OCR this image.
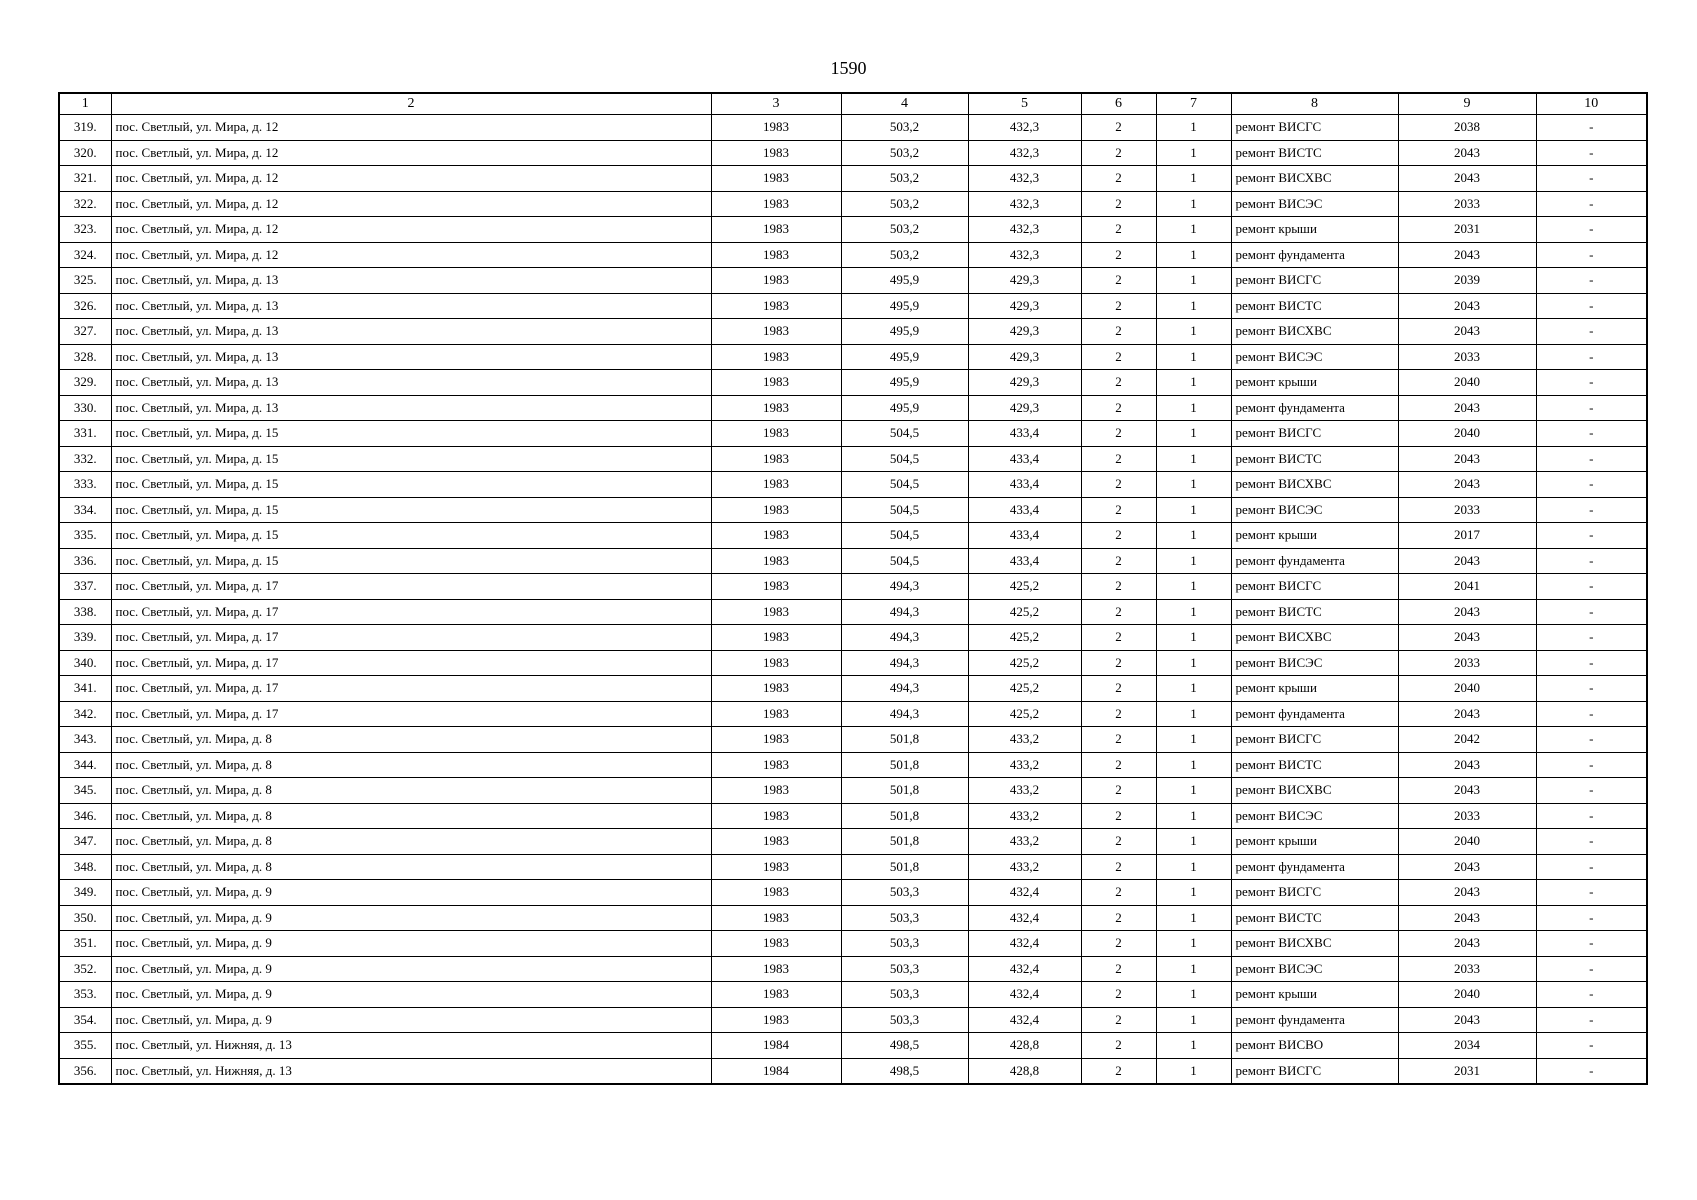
1590
1	2	3	4	5	6	7	8	9	10
319.	пос. Светлый, ул. Мира, д. 12	1983	503,2	432,3	2	1	ремонт ВИСГС	2038	-
320.	пос. Светлый, ул. Мира, д. 12	1983	503,2	432,3	2	1	ремонт ВИСТС	2043	-
321.	пос. Светлый, ул. Мира, д. 12	1983	503,2	432,3	2	1	ремонт ВИСХВС	2043	-
322.	пос. Светлый, ул. Мира, д. 12	1983	503,2	432,3	2	1	ремонт ВИСЭС	2033	-
323.	пос. Светлый, ул. Мира, д. 12	1983	503,2	432,3	2	1	ремонт крыши	2031	-
324.	пос. Светлый, ул. Мира, д. 12	1983	503,2	432,3	2	1	ремонт фундамента	2043	-
325.	пос. Светлый, ул. Мира, д. 13	1983	495,9	429,3	2	1	ремонт ВИСГС	2039	-
326.	пос. Светлый, ул. Мира, д. 13	1983	495,9	429,3	2	1	ремонт ВИСТС	2043	-
327.	пос. Светлый, ул. Мира, д. 13	1983	495,9	429,3	2	1	ремонт ВИСХВС	2043	-
328.	пос. Светлый, ул. Мира, д. 13	1983	495,9	429,3	2	1	ремонт ВИСЭС	2033	-
329.	пос. Светлый, ул. Мира, д. 13	1983	495,9	429,3	2	1	ремонт крыши	2040	-
330.	пос. Светлый, ул. Мира, д. 13	1983	495,9	429,3	2	1	ремонт фундамента	2043	-
331.	пос. Светлый, ул. Мира, д. 15	1983	504,5	433,4	2	1	ремонт ВИСГС	2040	-
332.	пос. Светлый, ул. Мира, д. 15	1983	504,5	433,4	2	1	ремонт ВИСТС	2043	-
333.	пос. Светлый, ул. Мира, д. 15	1983	504,5	433,4	2	1	ремонт ВИСХВС	2043	-
334.	пос. Светлый, ул. Мира, д. 15	1983	504,5	433,4	2	1	ремонт ВИСЭС	2033	-
335.	пос. Светлый, ул. Мира, д. 15	1983	504,5	433,4	2	1	ремонт крыши	2017	-
336.	пос. Светлый, ул. Мира, д. 15	1983	504,5	433,4	2	1	ремонт фундамента	2043	-
337.	пос. Светлый, ул. Мира, д. 17	1983	494,3	425,2	2	1	ремонт ВИСГС	2041	-
338.	пос. Светлый, ул. Мира, д. 17	1983	494,3	425,2	2	1	ремонт ВИСТС	2043	-
339.	пос. Светлый, ул. Мира, д. 17	1983	494,3	425,2	2	1	ремонт ВИСХВС	2043	-
340.	пос. Светлый, ул. Мира, д. 17	1983	494,3	425,2	2	1	ремонт ВИСЭС	2033	-
341.	пос. Светлый, ул. Мира, д. 17	1983	494,3	425,2	2	1	ремонт крыши	2040	-
342.	пос. Светлый, ул. Мира, д. 17	1983	494,3	425,2	2	1	ремонт фундамента	2043	-
343.	пос. Светлый, ул. Мира, д. 8	1983	501,8	433,2	2	1	ремонт ВИСГС	2042	-
344.	пос. Светлый, ул. Мира, д. 8	1983	501,8	433,2	2	1	ремонт ВИСТС	2043	-
345.	пос. Светлый, ул. Мира, д. 8	1983	501,8	433,2	2	1	ремонт ВИСХВС	2043	-
346.	пос. Светлый, ул. Мира, д. 8	1983	501,8	433,2	2	1	ремонт ВИСЭС	2033	-
347.	пос. Светлый, ул. Мира, д. 8	1983	501,8	433,2	2	1	ремонт крыши	2040	-
348.	пос. Светлый, ул. Мира, д. 8	1983	501,8	433,2	2	1	ремонт фундамента	2043	-
349.	пос. Светлый, ул. Мира, д. 9	1983	503,3	432,4	2	1	ремонт ВИСГС	2043	-
350.	пос. Светлый, ул. Мира, д. 9	1983	503,3	432,4	2	1	ремонт ВИСТС	2043	-
351.	пос. Светлый, ул. Мира, д. 9	1983	503,3	432,4	2	1	ремонт ВИСХВС	2043	-
352.	пос. Светлый, ул. Мира, д. 9	1983	503,3	432,4	2	1	ремонт ВИСЭС	2033	-
353.	пос. Светлый, ул. Мира, д. 9	1983	503,3	432,4	2	1	ремонт крыши	2040	-
354.	пос. Светлый, ул. Мира, д. 9	1983	503,3	432,4	2	1	ремонт фундамента	2043	-
355.	пос. Светлый, ул. Нижняя, д. 13	1984	498,5	428,8	2	1	ремонт ВИСВО	2034	-
356.	пос. Светлый, ул. Нижняя, д. 13	1984	498,5	428,8	2	1	ремонт ВИСГС	2031	-
